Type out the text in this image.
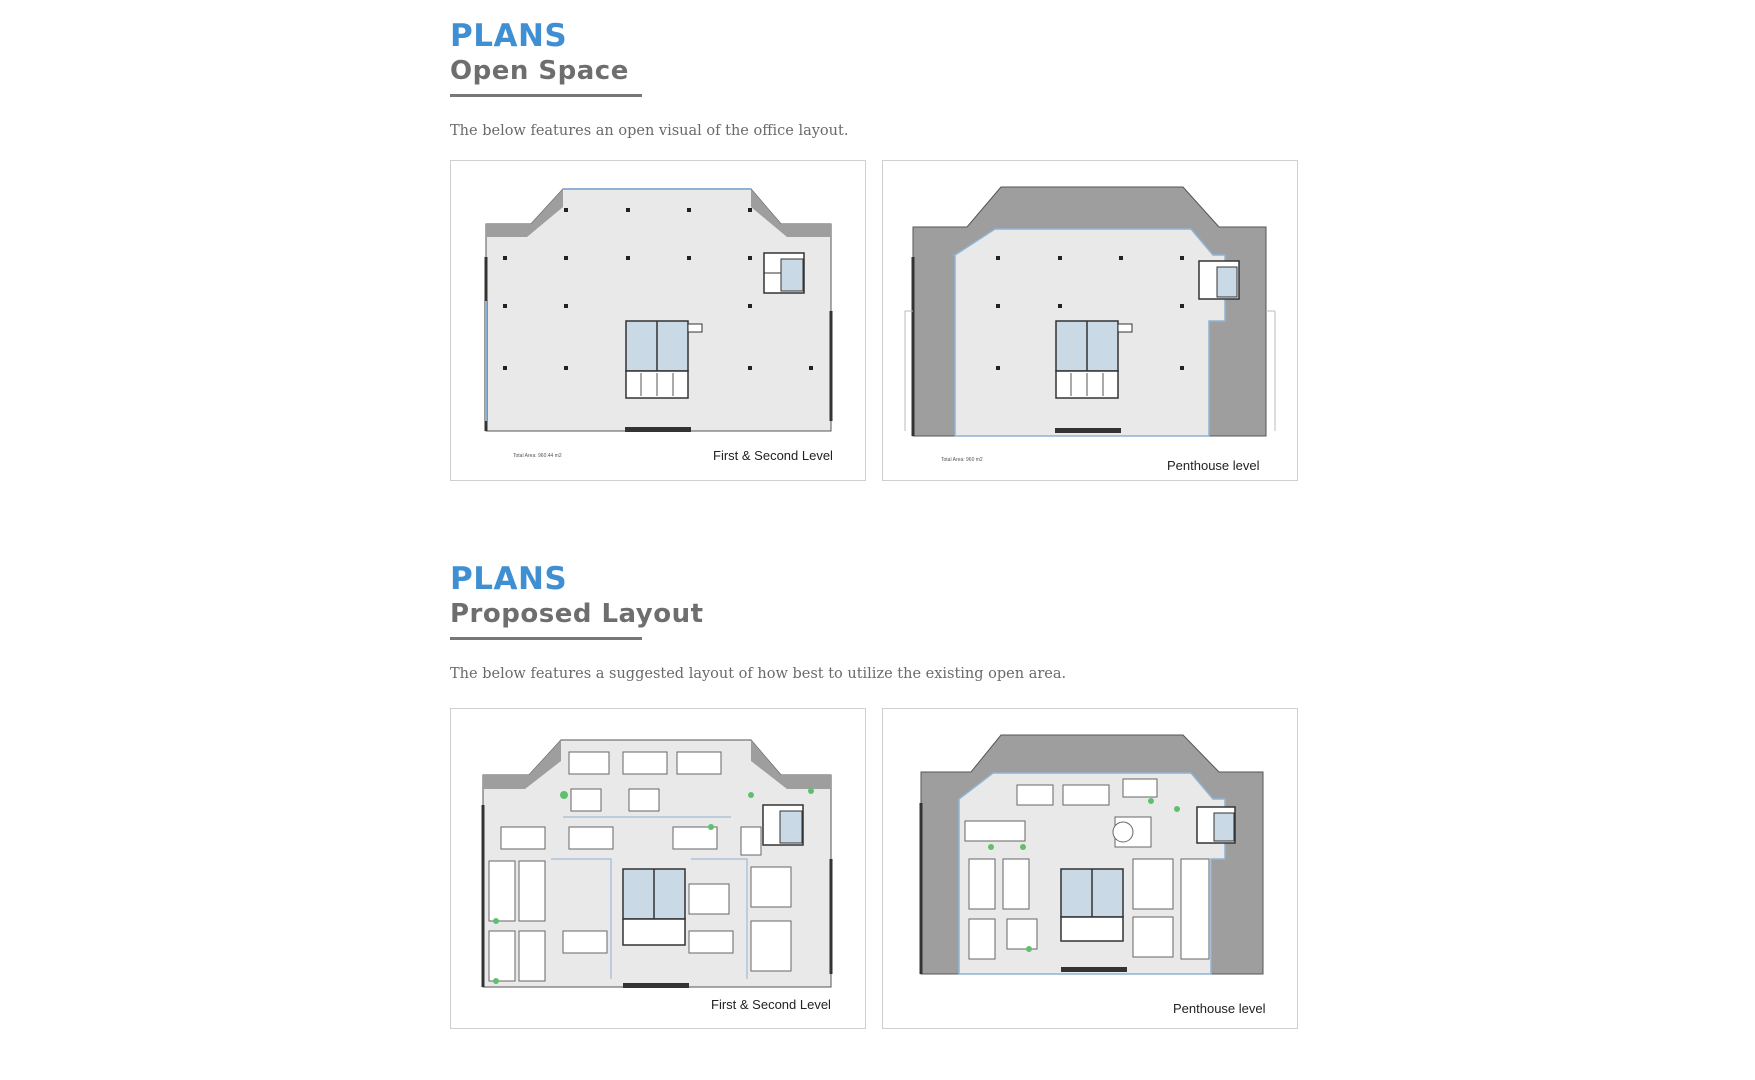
PLANS
Open Space
The below features an open visual of the office layout.
First & Second Level
Total Area: 960.44 m2
Penthouse level
Total Area: 960 m2
PLANS
Proposed Layout
The below features a suggested layout of how best to utilize the existing open area.
First & Second Level	Penthouse level
